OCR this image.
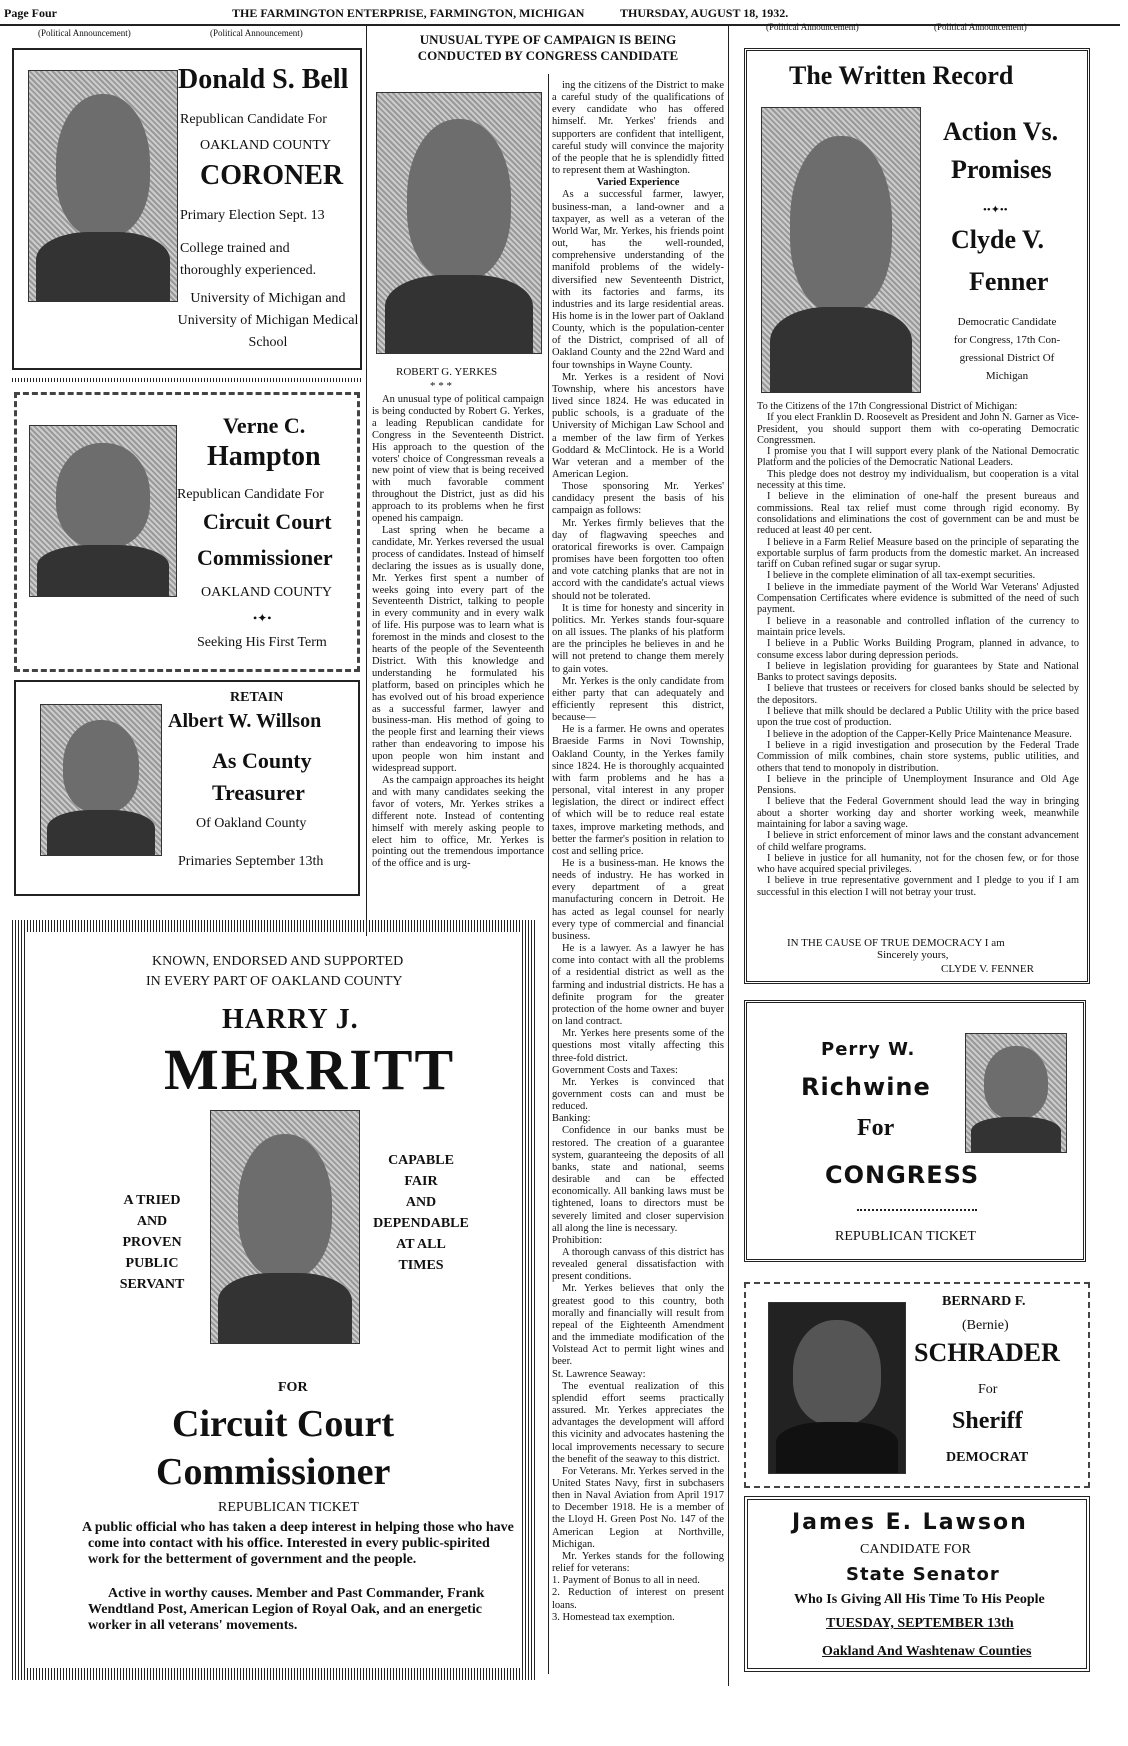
Page Four	THE FARMINGTON ENTERPRISE, FARMINGTON, MICHIGAN	THURSDAY, AUGUST 18, 1932.
(Political Announcement)	(Political Announcement)
(Political Announcement)	(Political Announcement)
Donald S. Bell
Republican Candidate For
OAKLAND COUNTY
CORONER
Primary Election Sept. 13
College trained and thoroughly experienced.
University of Michigan and University of Michigan Medical School
Verne C.
Hampton
Republican Candidate For
Circuit Court
Commissioner
OAKLAND COUNTY
•✦•
Seeking His First Term
RETAIN
Albert W. Willson
As County
Treasurer
Of Oakland County
Primaries September 13th
UNUSUAL TYPE OF CAMPAIGN IS BEING
CONDUCTED BY CONGRESS CANDIDATE
ROBERT G. YERKES
* * *

An unusual type of political campaign is being conducted by Robert G. Yerkes, a leading Republican candidate for Congress in the Seventeenth District. His approach to the question of the voters' choice of Congressman reveals a new point of view that is being received with much favorable comment throughout the District, just as did his approach to its problems when he first opened his campaign.

Last spring when he became a candidate, Mr. Yerkes reversed the usual process of candidates. Instead of himself declaring the issues as is usually done, Mr. Yerkes first spent a number of weeks going into every part of the Seventeenth District, talking to people in every community and in every walk of life. His purpose was to learn what is foremost in the minds and closest to the hearts of the people of the Seventeenth District. With this knowledge and understanding he formulated his platform, based on principles which he has evolved out of his broad experience as a successful farmer, lawyer and business-man. His method of going to the people first and learning their views rather than endeavoring to impose his upon people won him instant and widespread support.

As the campaign approaches its height and with many candidates seeking the favor of voters, Mr. Yerkes strikes a different note. Instead of contenting himself with merely asking people to elect him to office, Mr. Yerkes is pointing out the tremendous importance of the office and is urg-

ing the citizens of the District to make a careful study of the qualifications of every candidate who has offered himself. Mr. Yerkes' friends and supporters are confident that intelligent, careful study will convince the majority of the people that he is splendidly fitted to represent them at Washington.

Varied Experience

As a successful farmer, lawyer, business-man, a land-owner and a taxpayer, as well as a veteran of the World War, Mr. Yerkes, his friends point out, has the well-rounded, comprehensive understanding of the manifold problems of the widely-diversified new Seventeenth District, with its factories and farms, its industries and its large residential areas. His home is in the lower part of Oakland County, which is the population-center of the District, comprised of all of Oakland County and the 22nd Ward and four townships in Wayne County.

Mr. Yerkes is a resident of Novi Township, where his ancestors have lived since 1824. He was educated in public schools, is a graduate of the University of Michigan Law School and a member of the law firm of Yerkes Goddard & McClintock. He is a World War veteran and a member of the American Legion.

Those sponsoring Mr. Yerkes' candidacy present the basis of his campaign as follows:

Mr. Yerkes firmly believes that the day of flagwaving speeches and oratorical fireworks is over. Campaign promises have been forgotten too often and vote catching planks that are not in accord with the candidate's actual views should not be tolerated.

It is time for honesty and sincerity in politics. Mr. Yerkes stands four-square on all issues. The planks of his platform are the principles he believes in and he will not pretend to change them merely to gain votes.

Mr. Yerkes is the only candidate from either party that can adequately and efficiently represent this district, because—

He is a farmer. He owns and operates Braeside Farms in Novi Township, Oakland County, in the Yerkes family since 1824. He is thoroughly acquainted with farm problems and he has a personal, vital interest in any proper legislation, the direct or indirect effect of which will be to reduce real estate taxes, improve marketing methods, and better the farmer's position in relation to cost and selling price.

He is a business-man. He knows the needs of industry. He has worked in every department of a great manufacturing concern in Detroit. He has acted as legal counsel for nearly every type of commercial and financial business.

He is a lawyer. As a lawyer he has come into contact with all the problems of a residential district as well as the farming and industrial districts. He has a definite program for the greater protection of the home owner and buyer on land contract.

Mr. Yerkes here presents some of the questions most vitally affecting this three-fold district.

Government Costs and Taxes:

Mr. Yerkes is convinced that government costs can and must be reduced.

Banking:

Confidence in our banks must be restored. The creation of a guarantee system, guaranteeing the deposits of all banks, state and national, seems desirable and can be effected economically. All banking laws must be tightened, loans to directors must be severely limited and closer supervision all along the line is necessary.

Prohibition:

A thorough canvass of this district has revealed general dissatisfaction with present conditions.

Mr. Yerkes believes that only the greatest good to this country, both morally and financially will result from repeal of the Eighteenth Amendment and the immediate modification of the Volstead Act to permit light wines and beer.

St. Lawrence Seaway:

The eventual realization of this splendid effort seems practically assured. Mr. Yerkes appreciates the advantages the development will afford this vicinity and advocates hastening the local improvements necessary to secure the benefit of the seaway to this district.

For Veterans. Mr. Yerkes served in the United States Navy, first in subchasers then in Naval Aviation from April 1917 to December 1918. He is a member of the Lloyd H. Green Post No. 147 of the American Legion at Northville, Michigan.

Mr. Yerkes stands for the following relief for veterans:

1. Payment of Bonus to all in need.

2. Reduction of interest on present loans.

3. Homestead tax exemption.

KNOWN, ENDORSED AND SUPPORTED
IN EVERY PART OF OAKLAND COUNTY
HARRY J.
MERRITT
A TRIED
AND
PROVEN
PUBLIC
SERVANT
CAPABLE
FAIR
AND
DEPENDABLE
AT ALL
TIMES
FOR
Circuit Court
Commissioner
REPUBLICAN TICKET
A public official who has taken a deep interest in helping those who have come into contact with his office. Interested in every public-spirited work for the betterment of government and the people.
Active in worthy causes. Member and Past Commander, Frank Wendtland Post, American Legion of Royal Oak, and an energetic worker in all veterans' movements.
The Written Record
Action Vs.
Promises
••✦••
Clyde V.
Fenner
Democratic Candidate
for Congress, 17th Con-
gressional District Of
Michigan

To the Citizens of the 17th Congressional District of Michigan:

If you elect Franklin D. Roosevelt as President and John N. Garner as Vice-President, you should support them with co-operating Democratic Congressmen.

I promise you that I will support every plank of the National Democratic Platform and the policies of the Democratic National Leaders.

This pledge does not destroy my individualism, but cooperation is a vital necessity at this time.

I believe in the elimination of one-half the present bureaus and commissions. Real tax relief must come through rigid economy. By consolidations and eliminations the cost of government can be and must be reduced at least 40 per cent.

I believe in a Farm Relief Measure based on the principle of separating the exportable surplus of farm products from the domestic market. An increased tariff on Cuban refined sugar or sugar syrup.

I believe in the complete elimination of all tax-exempt securities.

I believe in the immediate payment of the World War Veterans' Adjusted Compensation Certificates where evidence is submitted of the need of such payment.

I believe in a reasonable and controlled inflation of the currency to maintain price levels.

I believe in a Public Works Building Program, planned in advance, to consume excess labor during depression periods.

I believe in legislation providing for guarantees by State and National Banks to protect savings deposits.

I believe that trustees or receivers for closed banks should be selected by the depositors.

I believe that milk should be declared a Public Utility with the price based upon the true cost of production.

I believe in the adoption of the Capper-Kelly Price Maintenance Measure.

I believe in a rigid investigation and prosecution by the Federal Trade Commission of milk combines, chain store systems, public utilities, and others that tend to monopoly in distribution.

I believe in the principle of Unemployment Insurance and Old Age Pensions.

I believe that the Federal Government should lead the way in bringing about a shorter working day and shorter working week, meanwhile maintaining for labor a saving wage.

I believe in strict enforcement of minor laws and the constant advancement of child welfare programs.

I believe in justice for all humanity, not for the chosen few, or for those who have acquired special privileges.

I believe in true representative government and I pledge to you if I am successful in this election I will not betray your trust.

IN THE CAUSE OF TRUE DEMOCRACY I am
Sincerely yours,
CLYDE V. FENNER
Perry W.
Richwine
For
CONGRESS
REPUBLICAN TICKET
BERNARD F.
(Bernie)
SCHRADER
For
Sheriff
DEMOCRAT
James E. Lawson
CANDIDATE FOR
State Senator
Who Is Giving All His Time To His People
TUESDAY, SEPTEMBER 13th
Oakland And Washtenaw Counties
